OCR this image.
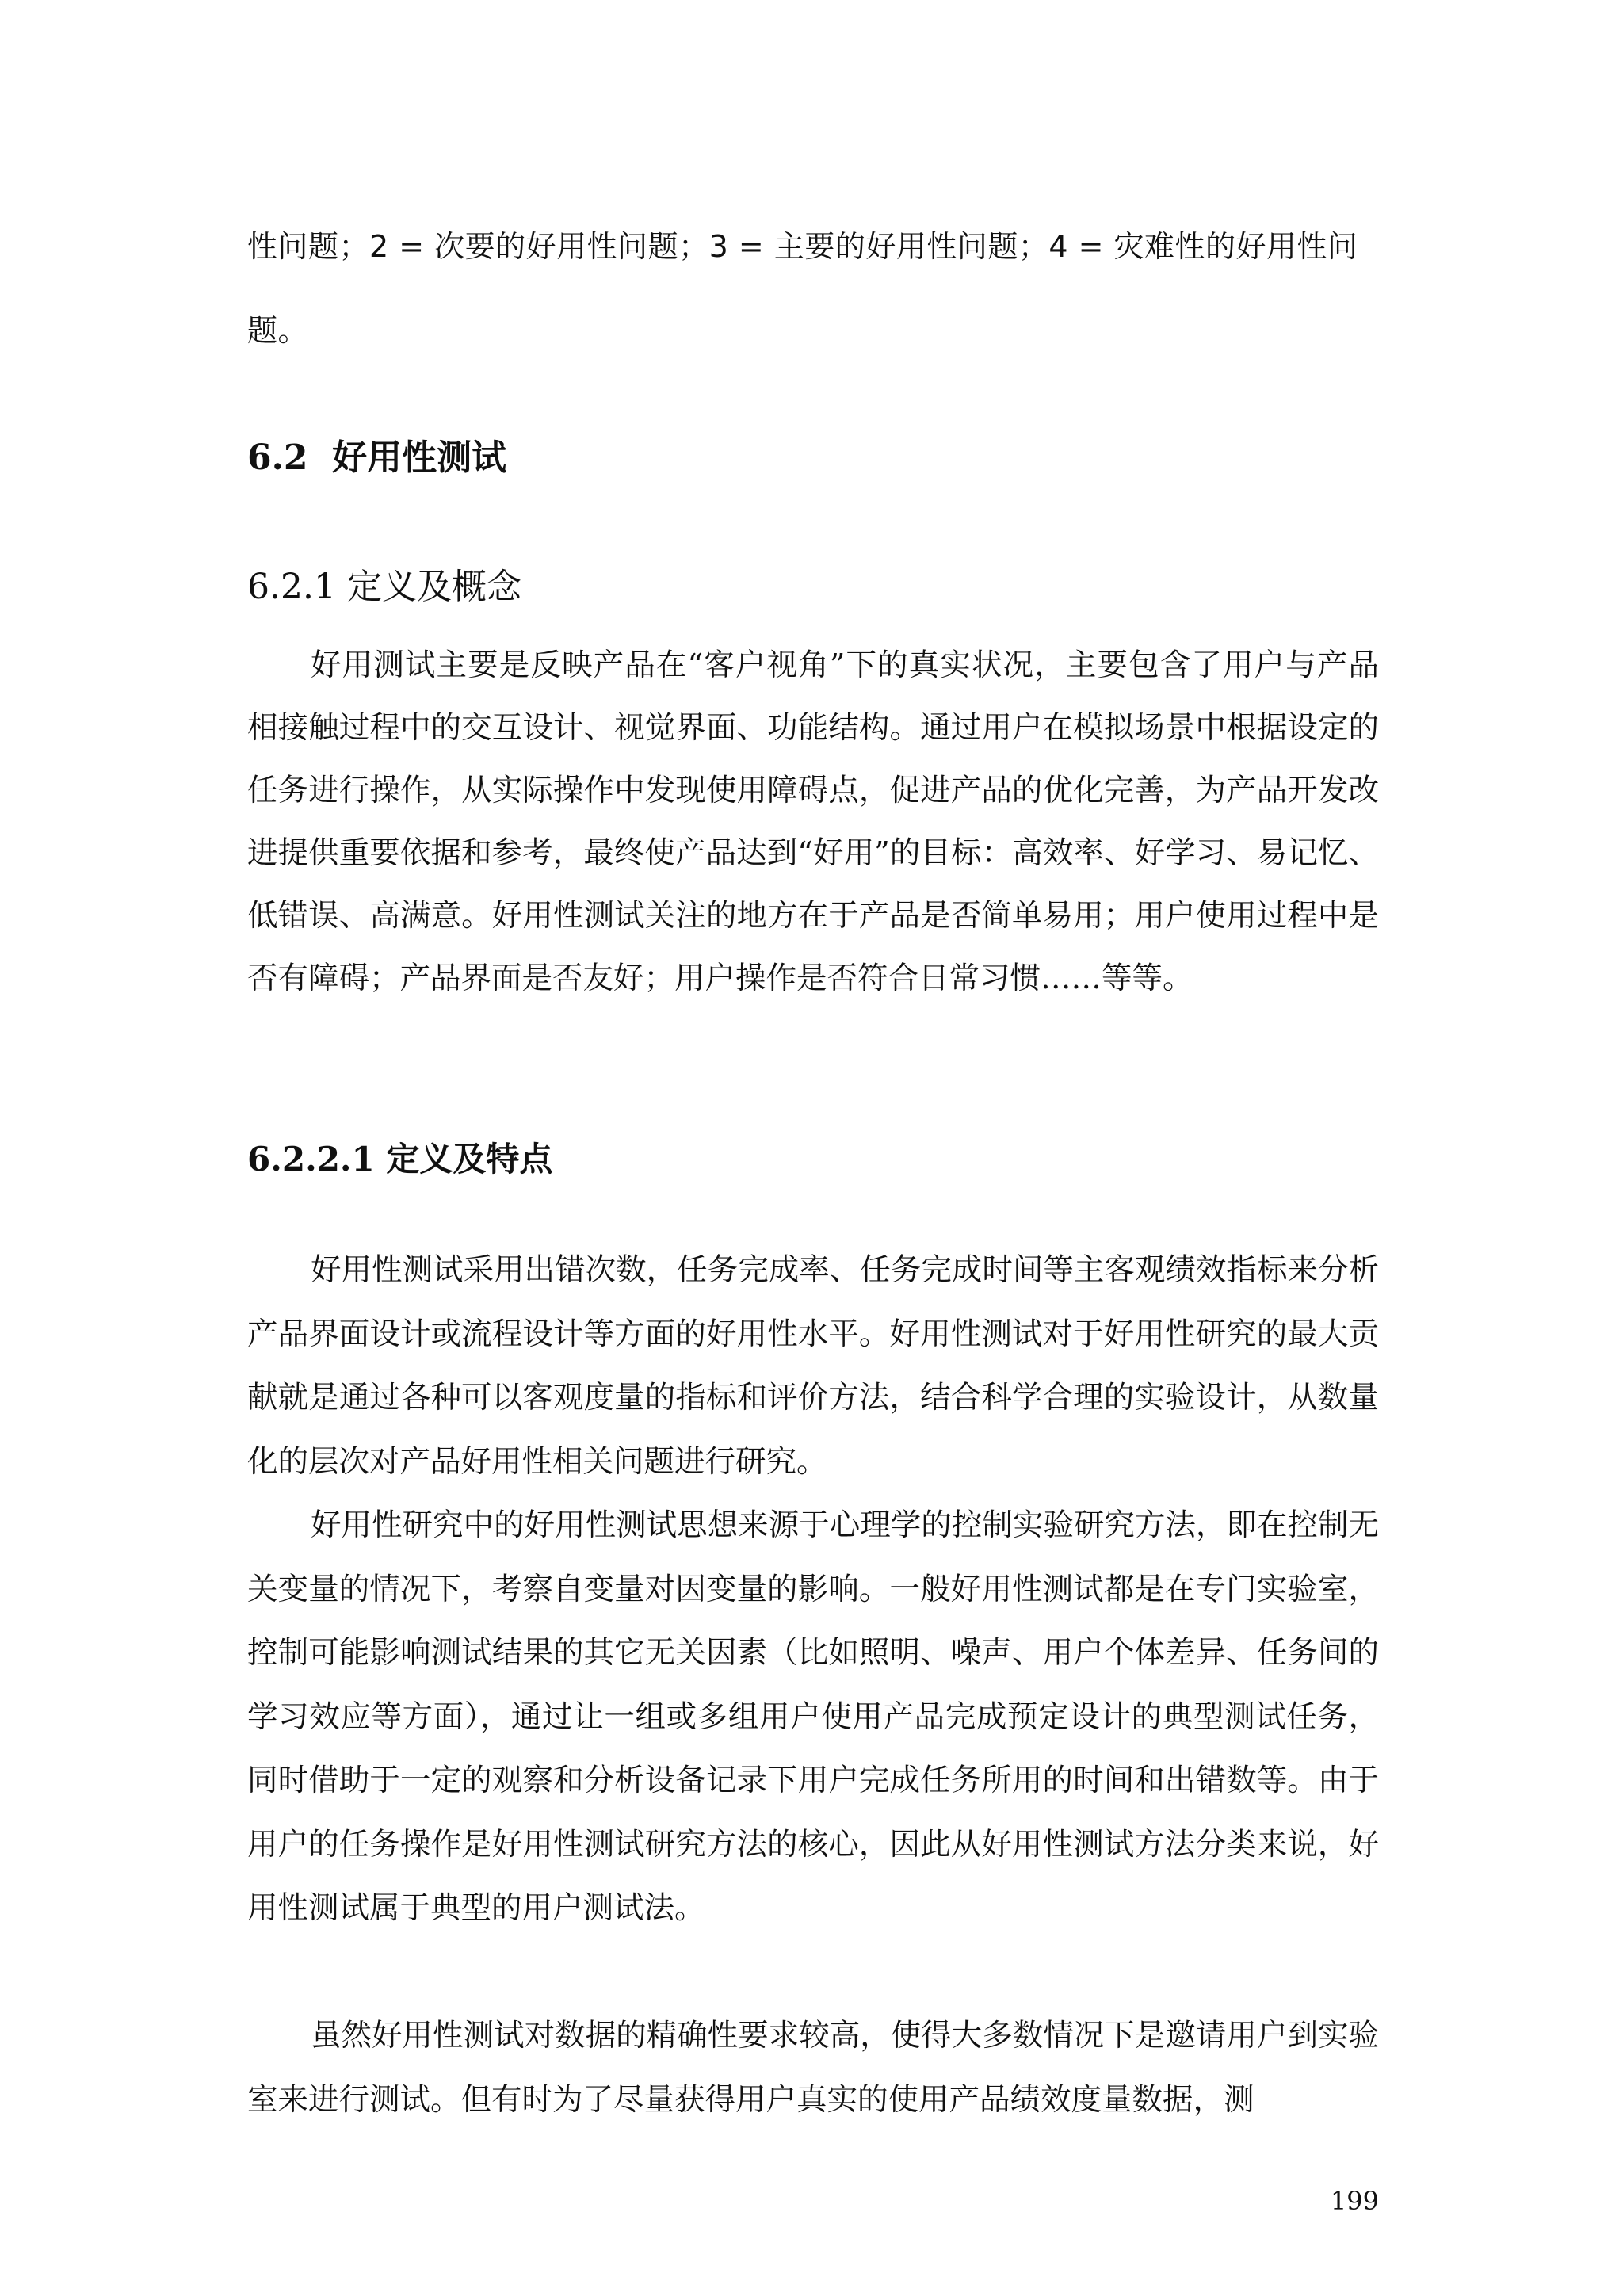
性问题；2 = 次要的好用性问题；3 = 主要的好用性问题；4 = 灾难性的好用性问题。

6.2  好用性测试
6.2.1 定义及概念

好用测试主要是反映产品在“客户视角”下的真实状况，主要包含了用户与产品相接触过程中的交互设计、视觉界面、功能结构。通过用户在模拟场景中根据设定的任务进行操作，从实际操作中发现使用障碍点，促进产品的优化完善，为产品开发改进提供重要依据和参考，最终使产品达到“好用”的目标：高效率、好学习、易记忆、低错误、高满意。好用性测试关注的地方在于产品是否简单易用；用户使用过程中是否有障碍；产品界面是否友好；用户操作是否符合日常习惯……等等。

6.2.2.1 定义及特点

好用性测试采用出错次数，任务完成率、任务完成时间等主客观绩效指标来分析产品界面设计或流程设计等方面的好用性水平。好用性测试对于好用性研究的最大贡献就是通过各种可以客观度量的指标和评价方法，结合科学合理的实验设计，从数量化的层次对产品好用性相关问题进行研究。

好用性研究中的好用性测试思想来源于心理学的控制实验研究方法，即在控制无关变量的情况下，考察自变量对因变量的影响。一般好用性测试都是在专门实验室，控制可能影响测试结果的其它无关因素（比如照明、噪声、用户个体差异、任务间的学习效应等方面），通过让一组或多组用户使用产品完成预定设计的典型测试任务，同时借助于一定的观察和分析设备记录下用户完成任务所用的时间和出错数等。由于用户的任务操作是好用性测试研究方法的核心，因此从好用性测试方法分类来说，好用性测试属于典型的用户测试法。

虽然好用性测试对数据的精确性要求较高，使得大多数情况下是邀请用户到实验室来进行测试。但有时为了尽量获得用户真实的使用产品绩效度量数据，测

199
